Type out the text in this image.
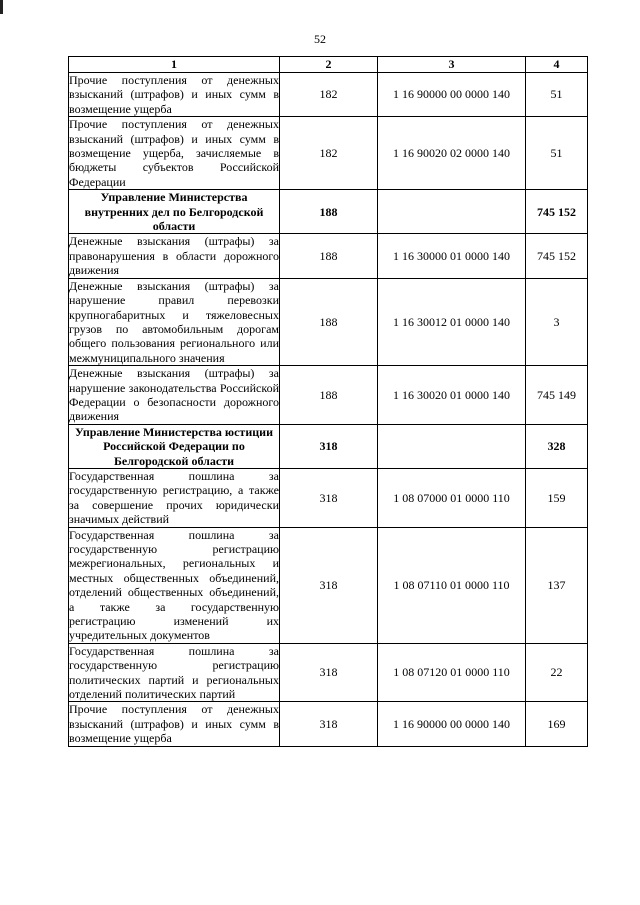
52
1	2	3	4
Прочие поступления от денежных взысканий (штрафов) и иных сумм в возмещение ущерба	182	1 16 90000 00 0000 140	51
Прочие поступления от денежных взысканий (штрафов) и иных сумм в возмещение ущерба, зачисляемые в бюджеты субъектов Российской Федерации	182	1 16 90020 02 0000 140	51
Управление Министерства внутренних дел по Белгородской области	188		745 152
Денежные взыскания (штрафы) за правонарушения в области дорожного движения	188	1 16 30000 01 0000 140	745 152
Денежные взыскания (штрафы) за нарушение правил перевозки крупногабаритных и тяжеловесных грузов по автомобильным дорогам общего пользования регионального или межмуниципального значения	188	1 16 30012 01 0000 140	3
Денежные взыскания (штрафы) за нарушение законодательства Российской Федерации о безопасности дорожного движения	188	1 16 30020 01 0000 140	745 149
Управление Министерства юстиции Российской Федерации по Белгородской области	318		328
Государственная пошлина за государственную регистрацию, а также за совершение прочих юридически значимых действий	318	1 08 07000 01 0000 110	159
Государственная пошлина за государственную регистрацию межрегиональных, региональных и местных общественных объединений, отделений общественных объединений, а также за государственную регистрацию изменений их учредительных документов	318	1 08 07110 01 0000 110	137
Государственная пошлина за государственную регистрацию политических партий и региональных отделений политических партий	318	1 08 07120 01 0000 110	22
Прочие поступления от денежных взысканий (штрафов) и иных сумм в возмещение ущерба	318	1 16 90000 00 0000 140	169
